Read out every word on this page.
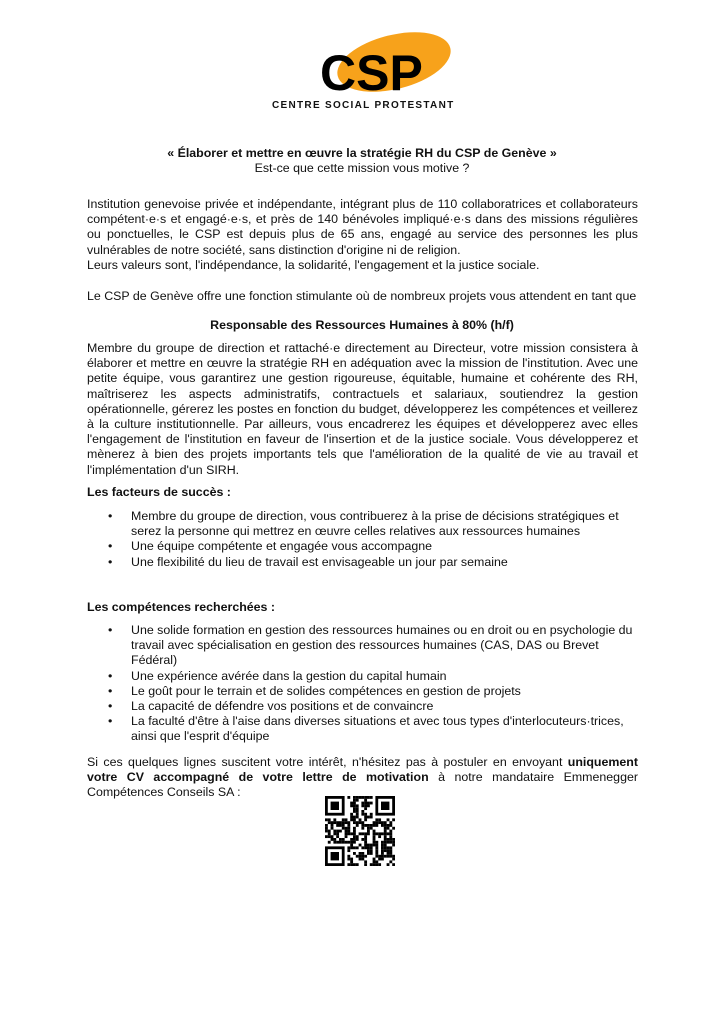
CSP
CENTRE SOCIAL PROTESTANT
« Élaborer et mettre en œuvre la stratégie RH du CSP de Genève »
Est-ce que cette mission vous motive ?

Institution genevoise privée et indépendante, intégrant plus de 110 collaboratrices et collaborateurs compétent·e·s et engagé·e·s, et près de 140 bénévoles impliqué·e·s dans des missions régulières ou ponctuelles, le CSP est depuis plus de 65 ans, engagé au service des personnes les plus vulnérables de notre société, sans distinction d'origine ni de religion.

Leurs valeurs sont, l'indépendance, la solidarité, l'engagement et la justice sociale.

Le CSP de Genève offre une fonction stimulante où de nombreux projets vous attendent en tant que
Responsable des Ressources Humaines à 80% (h/f)
Membre du groupe de direction et rattaché·e directement au Directeur, votre mission consistera à élaborer et mettre en œuvre la stratégie RH en adéquation avec la mission de l'institution. Avec une petite équipe, vous garantirez une gestion rigoureuse, équitable, humaine et cohérente des RH, maîtriserez les aspects administratifs, contractuels et salariaux, soutiendrez la gestion opérationnelle, gérerez les postes en fonction du budget, développerez les compétences et veillerez à la culture institutionnelle. Par ailleurs, vous encadrerez les équipes et développerez avec elles l'engagement de l'institution en faveur de l'insertion et de la justice sociale. Vous développerez et mènerez à bien des projets importants tels que l'amélioration de la qualité de vie au travail et l'implémentation d'un SIRH.
Les facteurs de succès :
• Membre du groupe de direction, vous contribuerez à la prise de décisions stratégiques et serez la personne qui mettrez en œuvre celles relatives aux ressources humaines
• Une équipe compétente et engagée vous accompagne
• Une flexibilité du lieu de travail est envisageable un jour par semaine
Les compétences recherchées :
• Une solide formation en gestion des ressources humaines ou en droit ou en psychologie du travail avec spécialisation en gestion des ressources humaines (CAS, DAS ou Brevet Fédéral)
• Une expérience avérée dans la gestion du capital humain
• Le goût pour le terrain et de solides compétences en gestion de projets
• La capacité de défendre vos positions et de convaincre
• La faculté d'être à l'aise dans diverses situations et avec tous types d'interlocuteurs·trices, ainsi que l'esprit d'équipe
Si ces quelques lignes suscitent votre intérêt, n'hésitez pas à postuler en envoyant uniquement votre CV accompagné de votre lettre de motivation à notre mandataire Emmenegger Compétences Conseils SA :
